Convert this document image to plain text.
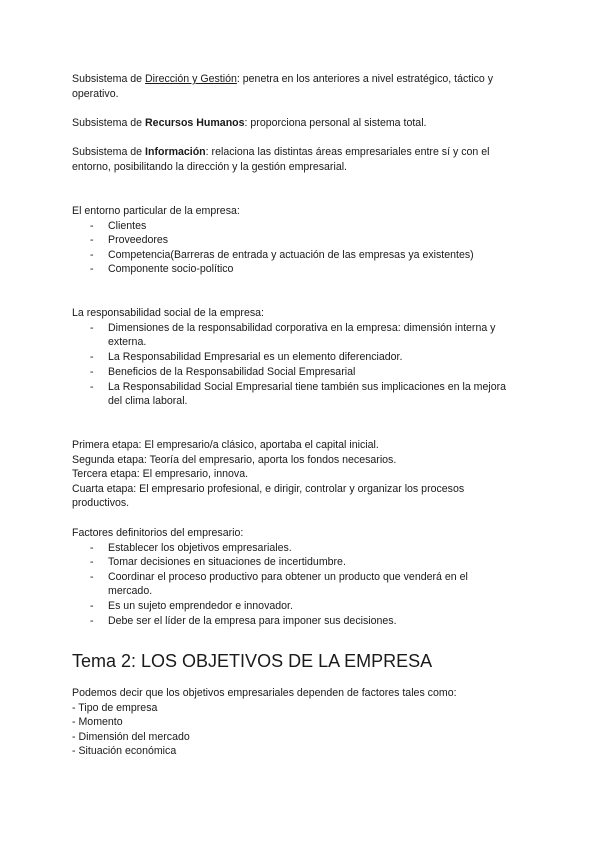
Subsistema de Dirección y Gestión: penetra en los anteriores a nivel estratégico, táctico y
operativo.
Subsistema de Recursos Humanos: proporciona personal al sistema total.
Subsistema de Información: relaciona las distintas áreas empresariales entre sí y con el
entorno, posibilitando la dirección y la gestión empresarial.
El entorno particular de la empresa:
- Clientes
- Proveedores
- Competencia(Barreras de entrada y actuación de las empresas ya existentes)
- Componente socio-político
La responsabilidad social de la empresa:
- Dimensiones de la responsabilidad corporativa en la empresa: dimensión interna y
externa.
- La Responsabilidad Empresarial es un elemento diferenciador.
- Beneficios de la Responsabilidad Social Empresarial
- La Responsabilidad Social Empresarial tiene también sus implicaciones en la mejora
del clima laboral.
Primera etapa: El empresario/a clásico, aportaba el capital inicial.
Segunda etapa: Teoría del empresario, aporta los fondos necesarios.
Tercera etapa: El empresario, innova.
Cuarta etapa: El empresario profesional, e dirigir, controlar y organizar los procesos
productivos.
Factores definitorios del empresario:
- Establecer los objetivos empresariales.
- Tomar decisiones en situaciones de incertidumbre.
- Coordinar el proceso productivo para obtener un producto que venderá en el
mercado.
- Es un sujeto emprendedor e innovador.
- Debe ser el líder de la empresa para imponer sus decisiones.
Tema 2: LOS OBJETIVOS DE LA EMPRESA
Podemos decir que los objetivos empresariales dependen de factores tales como:
- Tipo de empresa
- Momento
- Dimensión del mercado
- Situación económica
